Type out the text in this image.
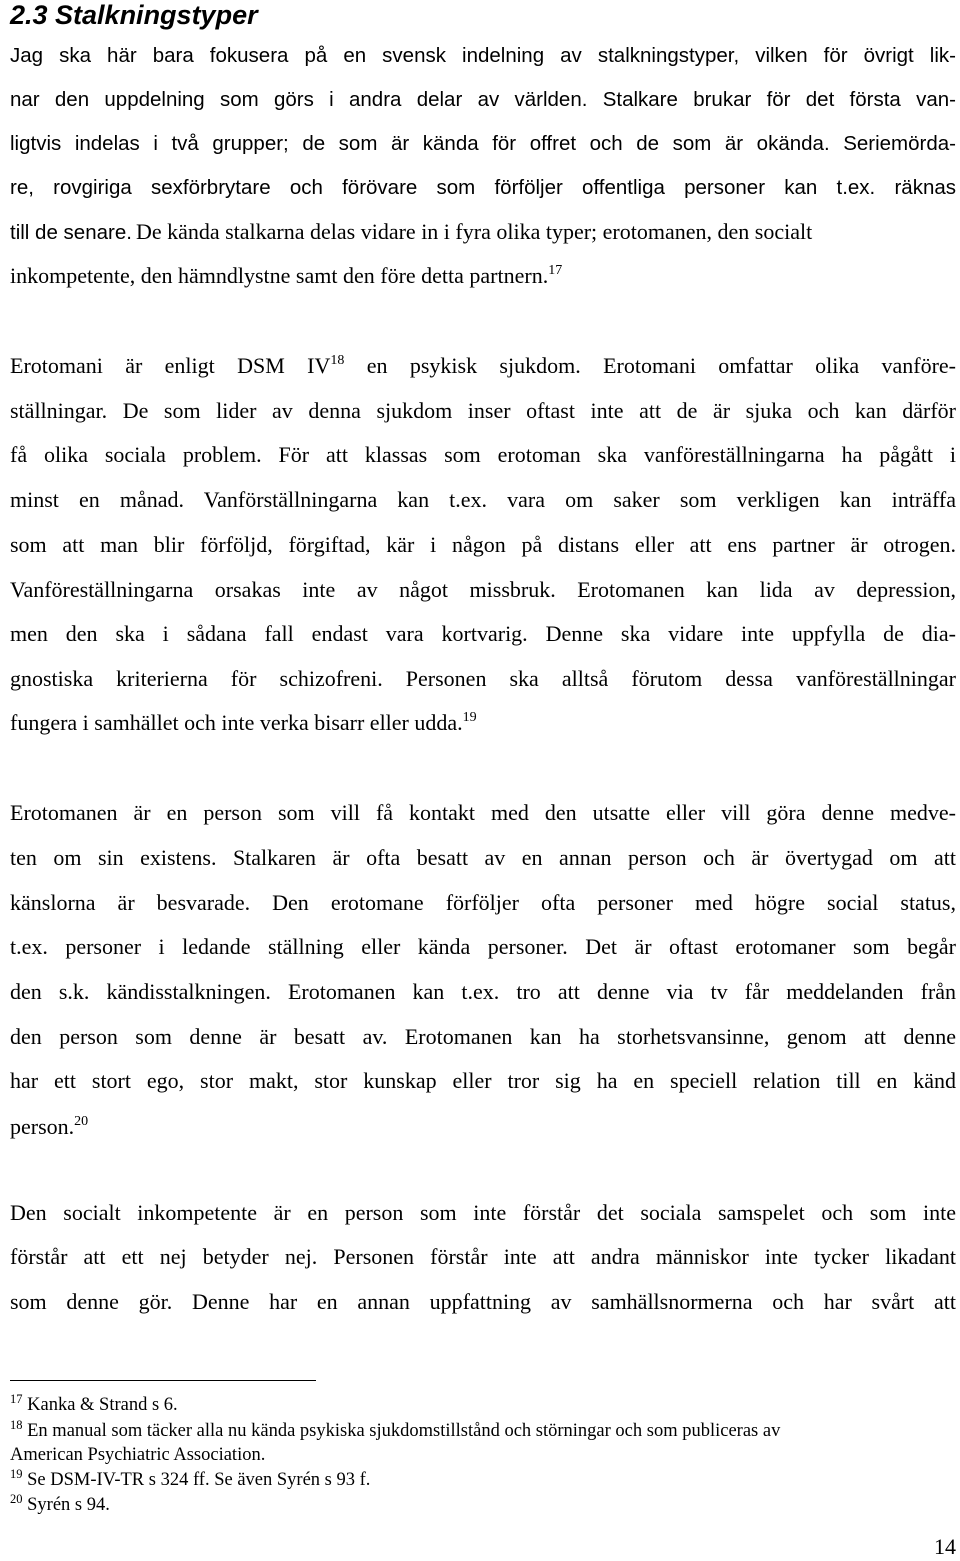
2.3 Stalkningstyper
Jag ska här bara fokusera på en svensk indelning av stalkningstyper, vilken för övrigt lik-
nar den uppdelning som görs i andra delar av världen. Stalkare brukar för det första van-
ligtvis indelas i två grupper; de som är kända för offret och de som är okända. Seriemörda-
re, rovgiriga sexförbrytare och förövare som förföljer offentliga personer kan t.ex. räknas
till de senare. De kända stalkarna delas vidare in i fyra olika typer; erotomanen, den socialt
inkompetente, den hämndlystne samt den före detta partnern.$^{17}$
Erotomani är enligt DSM IV$^{18}$ en psykisk sjukdom. Erotomani omfattar olika vanföre-
ställningar. De som lider av denna sjukdom inser oftast inte att de är sjuka och kan därför
få olika sociala problem. För att klassas som erotoman ska vanföreställningarna ha pågått i
minst en månad. Vanförställningarna kan t.ex. vara om saker som verkligen kan inträffa
som att man blir förföljd, förgiftad, kär i någon på distans eller att ens partner är otrogen.
Vanföreställningarna orsakas inte av något missbruk. Erotomanen kan lida av depression,
men den ska i sådana fall endast vara kortvarig. Denne ska vidare inte uppfylla de dia-
gnostiska kriterierna för schizofreni. Personen ska alltså förutom dessa vanföreställningar
fungera i samhället och inte verka bisarr eller udda.$^{19}$
Erotomanen är en person som vill få kontakt med den utsatte eller vill göra denne medve-
ten om sin existens. Stalkaren är ofta besatt av en annan person och är övertygad om att
känslorna är besvarade. Den erotomane förföljer ofta personer med högre social status,
t.ex. personer i ledande ställning eller kända personer. Det är oftast erotomaner som begår
den s.k. kändisstalkningen. Erotomanen kan t.ex. tro att denne via tv får meddelanden från
den person som denne är besatt av. Erotomanen kan ha storhetsvansinne, genom att denne
har ett stort ego, stor makt, stor kunskap eller tror sig ha en speciell relation till en känd
person.$^{20}$
Den socialt inkompetente är en person som inte förstår det sociala samspelet och som inte
förstår att ett nej betyder nej. Personen förstår inte att andra människor inte tycker likadant
som denne gör. Denne har en annan uppfattning av samhällsnormerna och har svårt att
$^{17}$ Kanka & Strand s 6.
$^{18}$ En manual som täcker alla nu kända psykiska sjukdomstillstånd och störningar och som publiceras av
American Psychiatric Association.
$^{19}$ Se DSM-IV-TR s 324 ff. Se även Syrén s 93 f.
$^{20}$ Syrén s 94.
14
